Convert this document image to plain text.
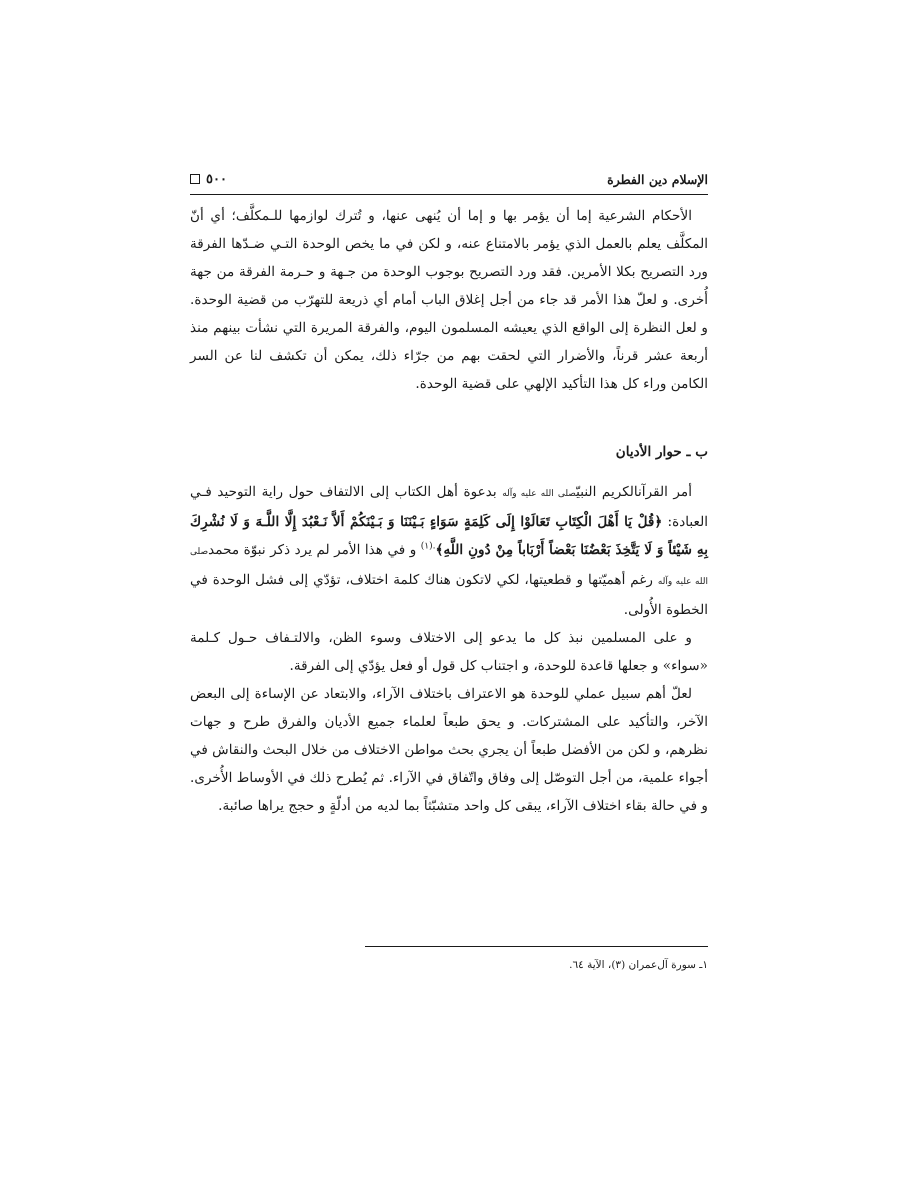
٥٠٠	الإسلام دين الفطرة

الأحكام الشرعية إما أن يؤمر بها و إما أن يُنهى عنها، و تُترك لوازمها للـمكلَّف؛ أي أنّ المكلَّف يعلم بالعمل الذي يؤمر بالامتناع عنه، و لكن في ما يخص الوحدة التـي ضـدّها الفرقة ورد التصريح بكلا الأمرين. فقد ورد التصريح بوجوب الوحدة من جـهة و حـرمة الفرقة من جهة أُخرى. و لعلّ هذا الأمر قد جاء من أجل إغلاق الباب أمام أي ذريعة للتهرّب من قضية الوحدة. و لعل النظرة إلى الواقع الذي يعيشه المسلمون اليوم، والفرقة المريرة التي نشأت بينهم منذ أربعة عشر قرناً، والأضرار التي لحقت بهم من جرّاء ذلك، يمكن أن تكشف لنا عن السر الكامن وراء كل هذا التأكيد الإلهي على قضية الوحدة.

ب ـ حوار الأديان

أمر القرآنالكريم النبيّصلى الله عليه وآله بدعوة أهل الكتاب إلى الالتفاف حول راية التوحيد فـي العبادة: ﴿قُلْ يَا أَهْلَ الْكِتَابِ تَعَالَوْا إِلَى كَلِمَةٍ سَوَاءٍ بَـيْنَنَا وَ بَـيْنَكُمْ أَلاَّ نَـعْبُدَ إِلَّا اللَّـهَ وَ لَا نُشْرِكَ بِهِ شَيْئاً وَ لَا يَتَّخِذَ بَعْضُنَا بَعْضاً أَرْبَاباً مِنْ دُونِ اللَّهِ﴾$^{.(١)}$ و في هذا الأمر لم يرد ذكر نبوّة محمدصلى الله عليه وآله رغم أهميّتها و قطعيتها، لكي لاتكون هناك كلمة اختلاف، تؤدّي إلى فشل الوحدة في الخطوة الأُولى.

و على المسلمين نبذ كل ما يدعو إلى الاختلاف وسوء الظن، والالتـفاف حـول كـلمة «سواء» و جعلها قاعدة للوحدة، و اجتناب كل قول أو فعل يؤدّي إلى الفرقة.

لعلّ أهم سبيل عملي للوحدة هو الاعتراف باختلاف الآراء، والابتعاد عن الإساءة إلى البعض الآخر، والتأكيد على المشتركات. و يحق طبعاً لعلماء جميع الأديان والفرق طرح و جهات نظرهم، و لكن من الأفضل طبعاً أن يجري بحث مواطن الاختلاف من خلال البحث والنقاش في أجواء علمية، من أجل التوصّل إلى وفاق واتّفاق في الآراء. ثم يُطرح ذلك في الأوساط الأُخرى. و في حالة بقاء اختلاف الآراء، يبقى كل واحد متشبّثاً بما لديه من أدلّةٍ و حجج يراها صائبة.

١ـ سورة آل‌عمران (٣)، الآية ٦٤.
